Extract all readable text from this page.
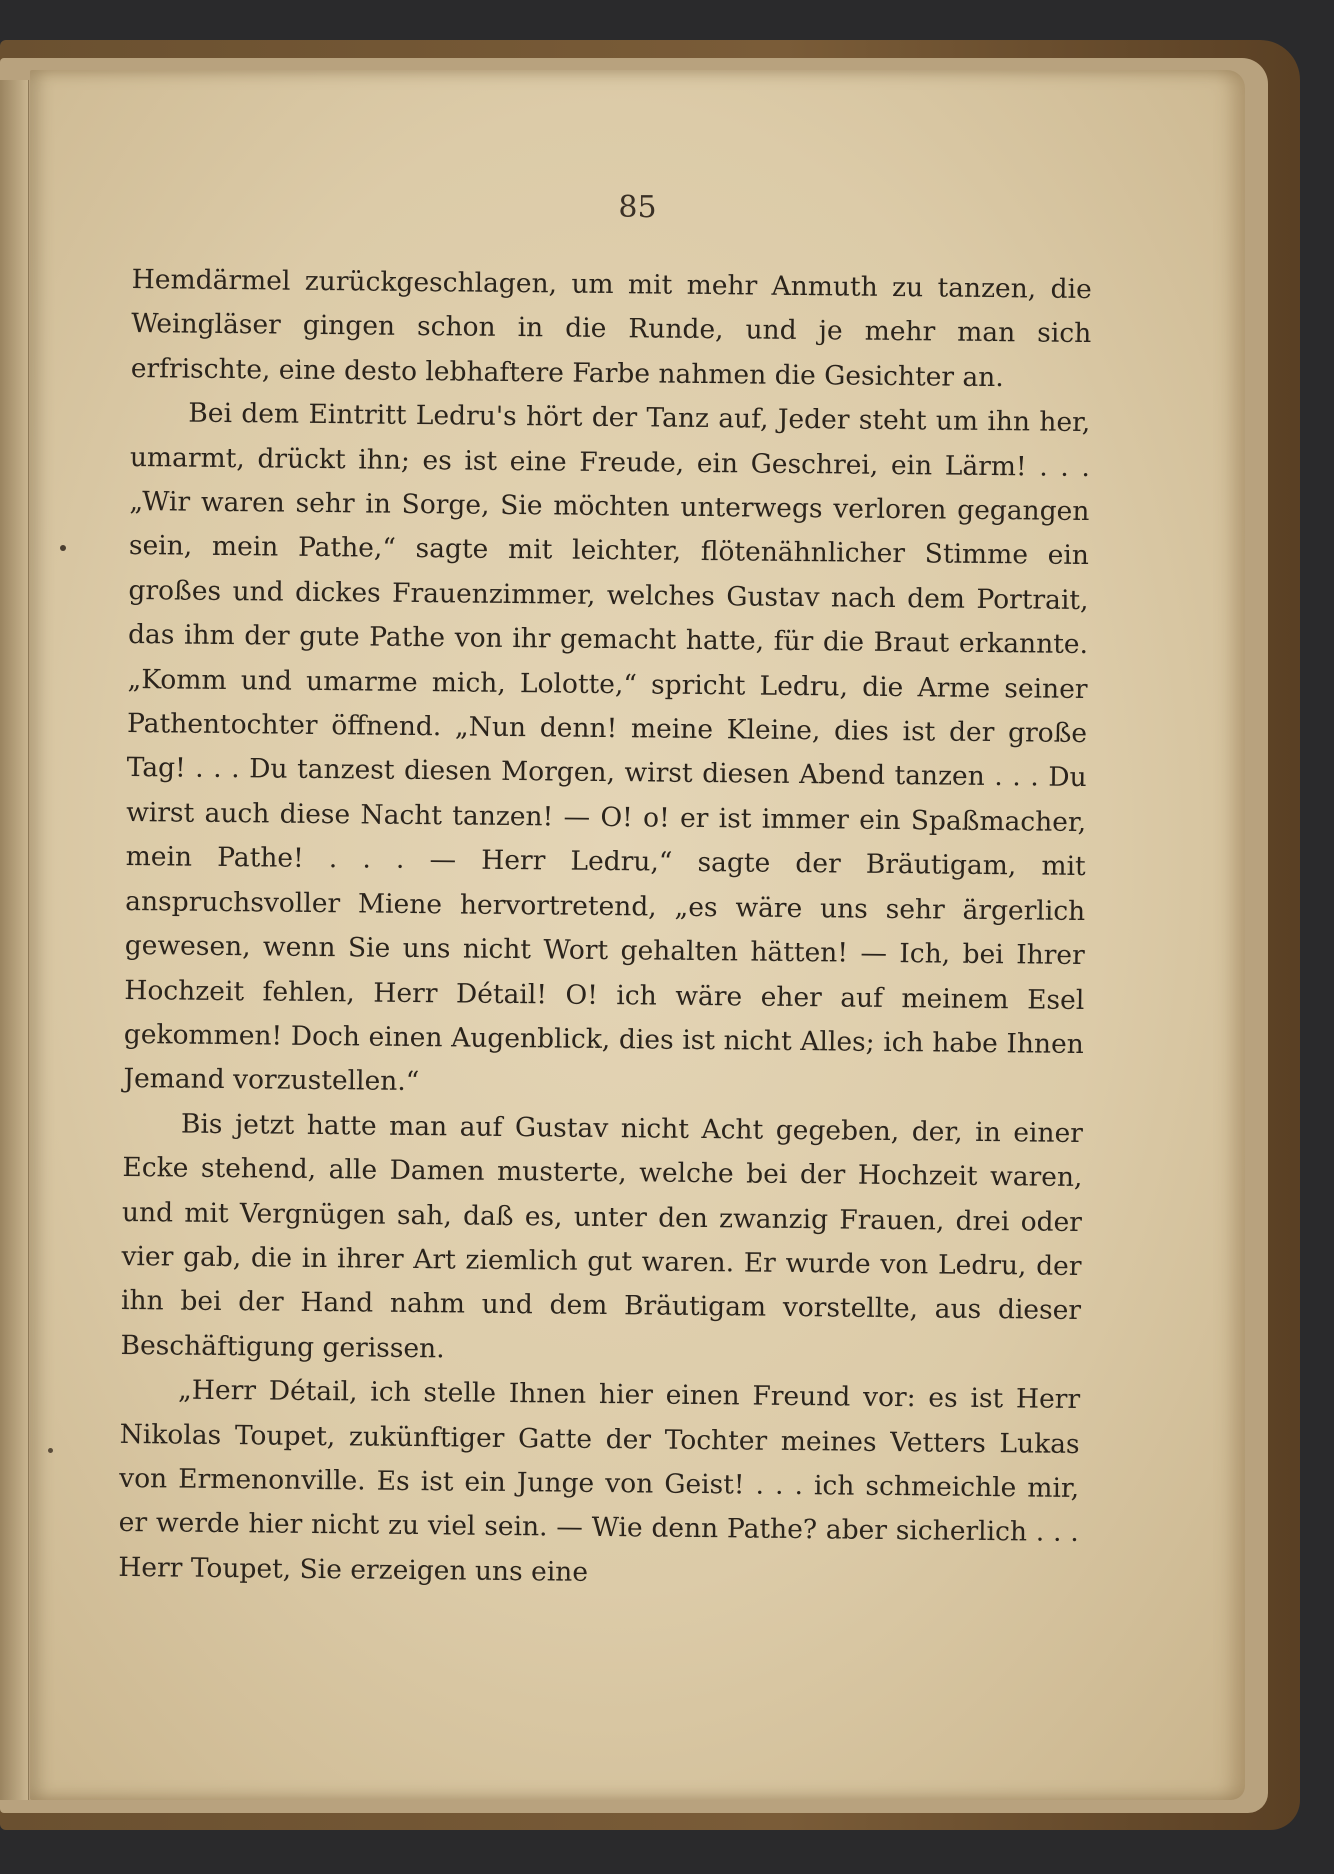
85

Hemdärmel zurückgeschlagen, um mit mehr Anmuth zu tanzen, die Weingläser gingen schon in die Runde, und je mehr man sich erfrischte, eine desto lebhaftere Farbe nahmen die Gesichter an.

Bei dem Eintritt Ledru's hört der Tanz auf, Jeder steht um ihn her, umarmt, drückt ihn; es ist eine Freude, ein Geschrei, ein Lärm! . . . „Wir waren sehr in Sorge, Sie möchten unterwegs verloren gegangen sein, mein Pathe,“ sagte mit leichter, flötenähnlicher Stimme ein großes und dickes Frauenzimmer, welches Gustav nach dem Portrait, das ihm der gute Pathe von ihr gemacht hatte, für die Braut erkannte. „Komm und umarme mich, Lolotte,“ spricht Ledru, die Arme seiner Pathentochter öffnend. „Nun denn! meine Kleine, dies ist der große Tag! . . . Du tanzest diesen Morgen, wirst diesen Abend tanzen . . . Du wirst auch diese Nacht tanzen! — O! o! er ist immer ein Spaßmacher, mein Pathe! . . . — Herr Ledru,“ sagte der Bräutigam, mit anspruchsvoller Miene hervortretend, „es wäre uns sehr ärgerlich gewesen, wenn Sie uns nicht Wort gehalten hätten! — Ich, bei Ihrer Hochzeit fehlen, Herr Détail! O! ich wäre eher auf meinem Esel gekommen! Doch einen Augenblick, dies ist nicht Alles; ich habe Ihnen Jemand vorzustellen.“

Bis jetzt hatte man auf Gustav nicht Acht gegeben, der, in einer Ecke stehend, alle Damen musterte, welche bei der Hochzeit waren, und mit Vergnügen sah, daß es, unter den zwanzig Frauen, drei oder vier gab, die in ihrer Art ziemlich gut waren. Er wurde von Ledru, der ihn bei der Hand nahm und dem Bräutigam vorstellte, aus dieser Beschäftigung gerissen.

„Herr Détail, ich stelle Ihnen hier einen Freund vor: es ist Herr Nikolas Toupet, zukünftiger Gatte der Tochter meines Vetters Lukas von Ermenonville. Es ist ein Junge von Geist! . . . ich schmeichle mir, er werde hier nicht zu viel sein. — Wie denn Pathe? aber sicherlich . . . Herr Toupet, Sie erzeigen uns eine
